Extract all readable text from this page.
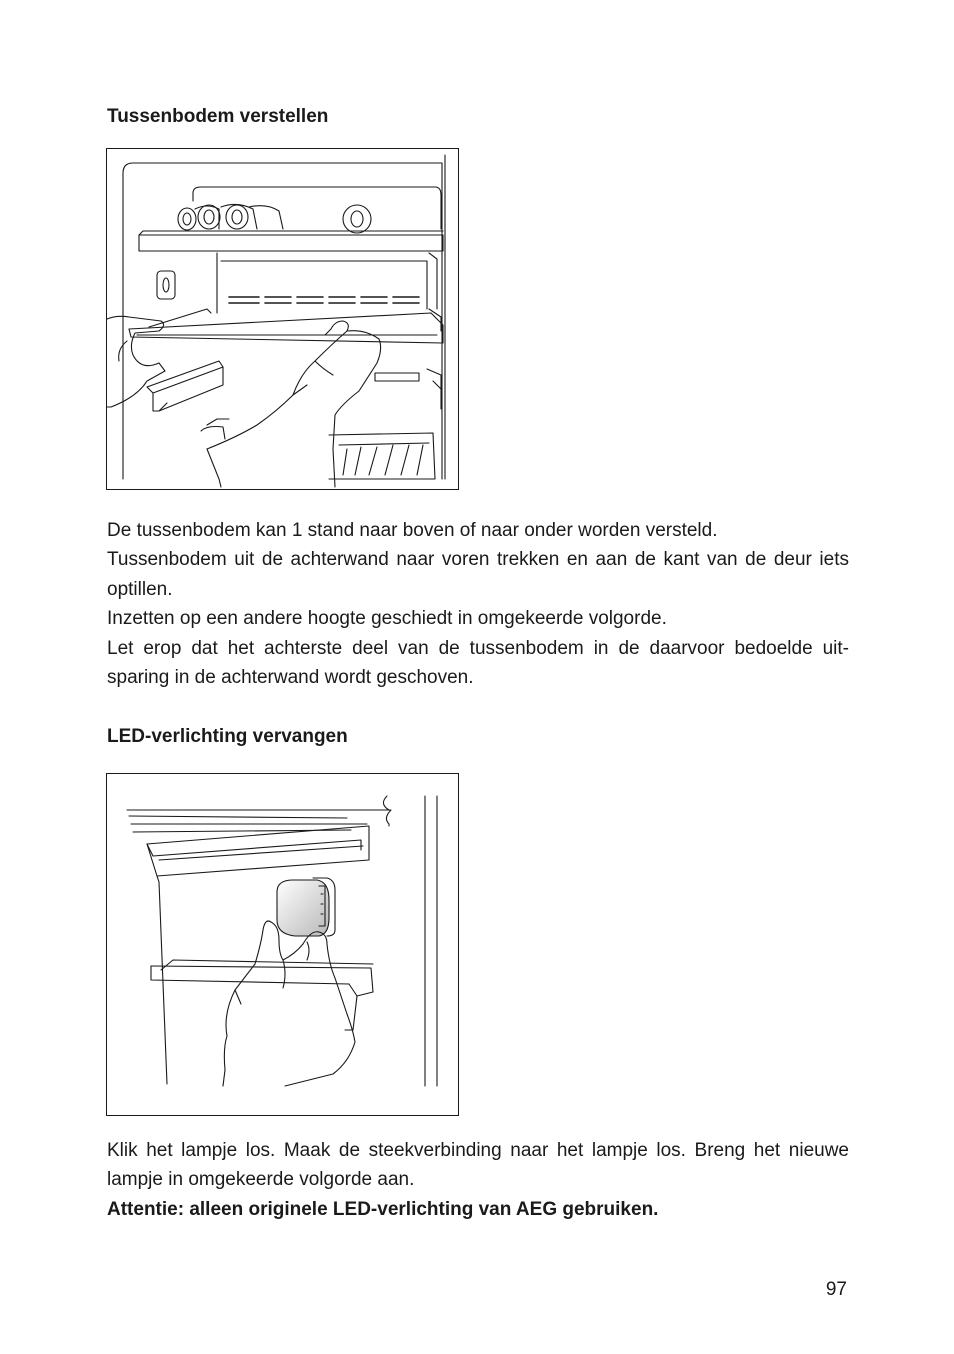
Tussenbodem verstellen

De tussenbodem kan 1 stand naar boven of naar onder worden versteld.

Tussenbodem uit de achterwand naar voren trekken en aan de kant van de deur iets optillen.

Inzetten op een andere hoogte geschiedt in omgekeerde volgorde.

Let erop dat het achterste deel van de tussenbodem in de daarvoor bedoelde uit-sparing in de achterwand wordt geschoven.

LED-verlichting vervangen

Klik het lampje los. Maak de steekverbinding naar het lampje los. Breng het nieuwe lampje in omgekeerde volgorde aan.

Attentie: alleen originele LED-verlichting van AEG gebruiken.

97
